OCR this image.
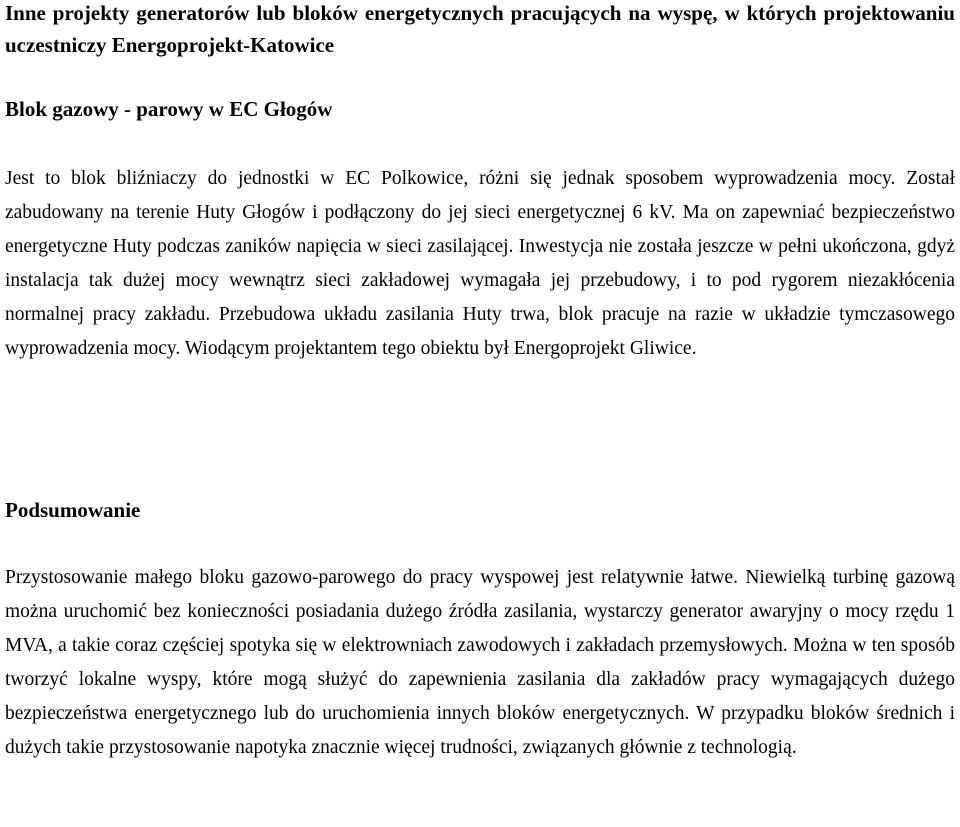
Inne projekty generatorów lub bloków energetycznych pracujących na wyspę, w których projektowaniu uczestniczy Energoprojekt-Katowice
Blok gazowy - parowy w EC Głogów

Jest to blok bliźniaczy do jednostki w EC Polkowice, różni się jednak sposobem wyprowadzenia mocy. Został zabudowany na terenie Huty Głogów i podłączony do jej sieci energetycznej 6 kV. Ma on zapewniać bezpieczeństwo energetyczne Huty podczas zaników napięcia w sieci zasilającej. Inwestycja nie została jeszcze w pełni ukończona, gdyż instalacja tak dużej mocy wewnątrz sieci zakładowej wymagała jej przebudowy, i to pod rygorem niezakłócenia normalnej pracy zakładu. Przebudowa układu zasilania Huty trwa, blok pracuje na razie w układzie tymczasowego wyprowadzenia mocy. Wiodącym projektantem tego obiektu był Energoprojekt Gliwice.

Podsumowanie

Przystosowanie małego bloku gazowo-parowego do pracy wyspowej jest relatywnie łatwe. Niewielką turbinę gazową można uruchomić bez konieczności posiadania dużego źródła zasilania, wystarczy generator awaryjny o mocy rzędu 1 MVA, a takie coraz częściej spotyka się w elektrowniach zawodowych i zakładach przemysłowych. Można w ten sposób tworzyć lokalne wyspy, które mogą służyć do zapewnienia zasilania dla zakładów pracy wymagających dużego bezpieczeństwa energetycznego lub do uruchomienia innych bloków energetycznych. W przypadku bloków średnich i dużych takie przystosowanie napotyka znacznie więcej trudności, związanych głównie z technologią.
